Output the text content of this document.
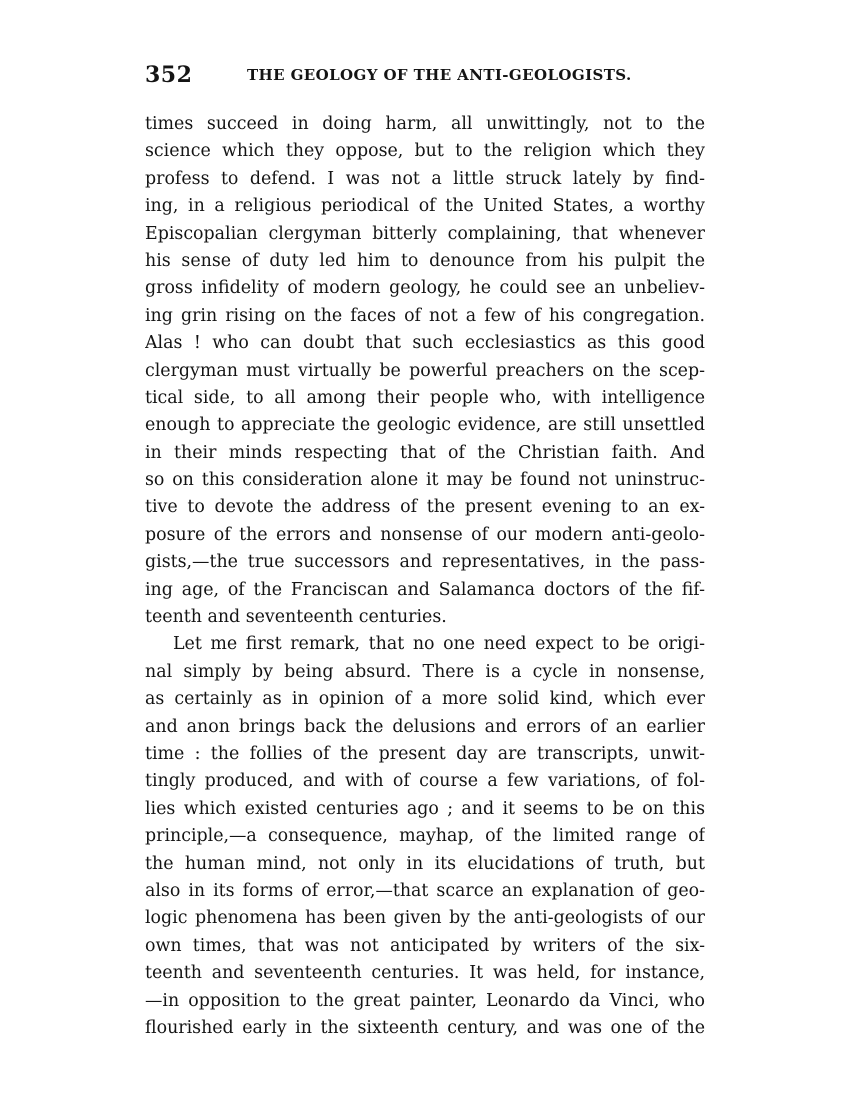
352	THE GEOLOGY OF THE ANTI-GEOLOGISTS.
times succeed in doing harm, all unwittingly, not to the
science which they oppose, but to the religion which they
profess to defend. I was not a little struck lately by find-
ing, in a religious periodical of the United States, a worthy
Episcopalian clergyman bitterly complaining, that whenever
his sense of duty led him to denounce from his pulpit the
gross infidelity of modern geology, he could see an unbeliev-
ing grin rising on the faces of not a few of his congregation.
Alas ! who can doubt that such ecclesiastics as this good
clergyman must virtually be powerful preachers on the scep-
tical side, to all among their people who, with intelligence
enough to appreciate the geologic evidence, are still unsettled
in their minds respecting that of the Christian faith. And
so on this consideration alone it may be found not uninstruc-
tive to devote the address of the present evening to an ex-
posure of the errors and nonsense of our modern anti-geolo-
gists,—the true successors and representatives, in the pass-
ing age, of the Franciscan and Salamanca doctors of the fif-
teenth and seventeenth centuries.
Let me first remark, that no one need expect to be origi-
nal simply by being absurd. There is a cycle in nonsense,
as certainly as in opinion of a more solid kind, which ever
and anon brings back the delusions and errors of an earlier
time : the follies of the present day are transcripts, unwit-
tingly produced, and with of course a few variations, of fol-
lies which existed centuries ago ; and it seems to be on this
principle,—a consequence, mayhap, of the limited range of
the human mind, not only in its elucidations of truth, but
also in its forms of error,—that scarce an explanation of geo-
logic phenomena has been given by the anti-geologists of our
own times, that was not anticipated by writers of the six-
teenth and seventeenth centuries. It was held, for instance,
—in opposition to the great painter, Leonardo da Vinci, who
flourished early in the sixteenth century, and was one of the
